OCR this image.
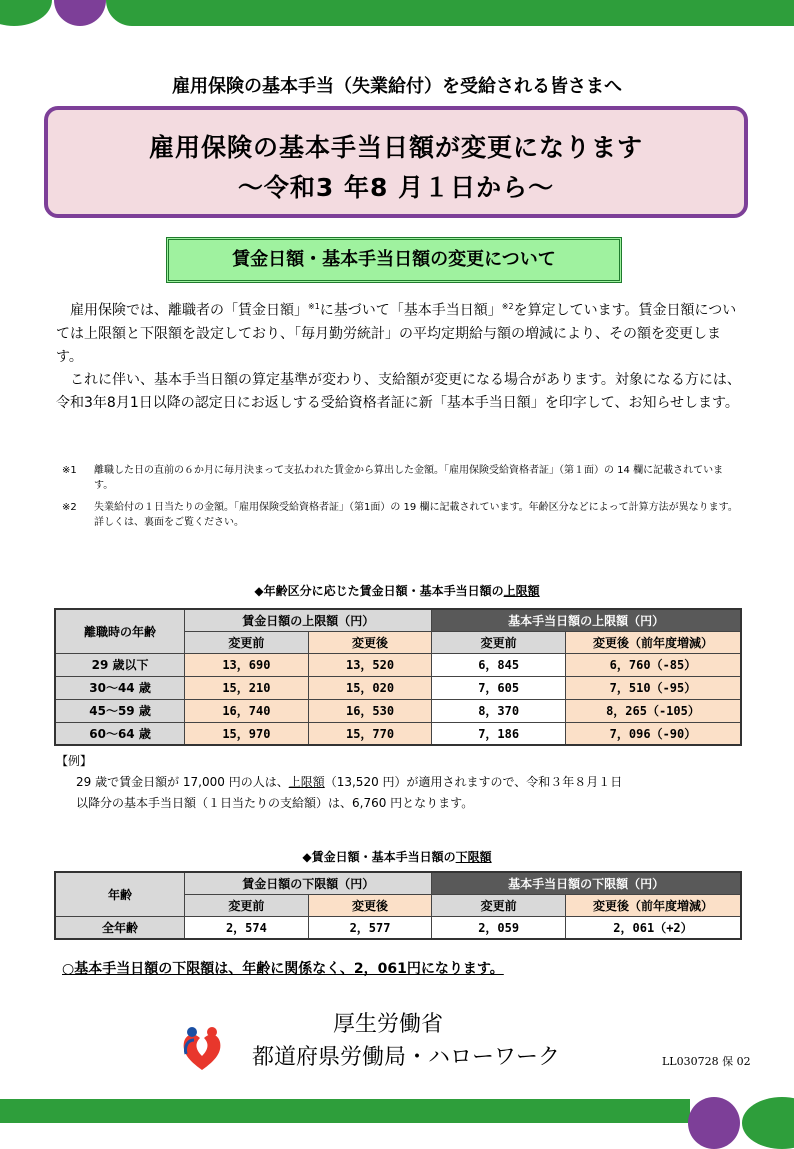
雇用保険の基本手当（失業給付）を受給される皆さまへ
雇用保険の基本手当日額が変更になります
～令和3 年8 月１日から～
賃金日額・基本手当日額の変更について

雇用保険では、離職者の「賃金日額」$^{※1}$に基づいて「基本手当日額」$^{※2}$を算定しています。賃金日額については上限額と下限額を設定しており、「毎月勤労統計」の平均定期給与額の増減により、その額を変更します。

これに伴い、基本手当日額の算定基準が変わり、支給額が変更になる場合があります。対象になる方には、令和3年8月1日以降の認定日にお返しする受給資格者証に新「基本手当日額」を印字して、お知らせします。

※1	離職した日の直前の６か月に毎月決まって支払われた賃金から算出した金額。「雇用保険受給資格者証」（第１面）の 14 欄に記載されています。
※2	失業給付の１日当たりの金額。「雇用保険受給資格者証」（第1面）の 19 欄に記載されています。年齢区分などによって計算方法が異なります。詳しくは、裏面をご覧ください。
◆年齢区分に応じた賃金日額・基本手当日額の上限額
離職時の年齢	賃金日額の上限額（円）		基本手当日額の上限額（円）	
	変更前	変更後	変更前	変更後（前年度増減）
29 歳以下	13，690	13，520	6，845	6，760（-85）
30～44 歳	15，210	15，020	7，605	7，510（-95）
45～59 歳	16，740	16，530	8，370	8，265（-105）
60～64 歳	15，970	15，770	7，186	7，096（-90）
【例】
29 歳で賃金日額が 17,000 円の人は、上限額（13,520 円）が適用されますので、令和３年８月１日
以降分の基本手当日額（１日当たりの支給額）は、6,760 円となります。
◆賃金日額・基本手当日額の下限額
年齢	賃金日額の下限額（円）		基本手当日額の下限額（円）	
	変更前	変更後	変更前	変更後（前年度増減）
全年齢	2，574	2，577	2，059	2，061（+2）
○基本手当日額の下限額は、年齢に関係なく、2，061円になります。
厚生労働省
都道府県労働局・ハローワーク	LL030728 保 02
